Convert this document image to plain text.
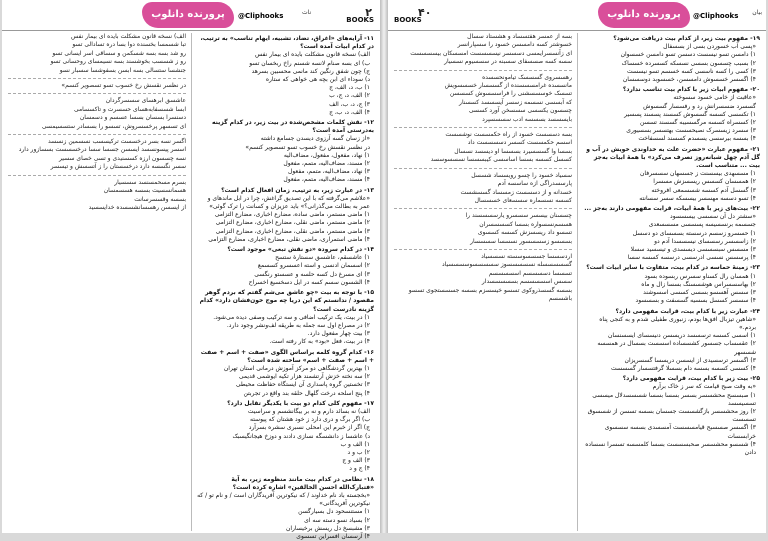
۲
BOOKS
پرورنده دانلوب	@Cliphooks	نات
۱۱- آرایه‌های «اغراق، تضاد، تشبیه، ایهام تناسب» به ترتیب، در کدام ابیات آمده است؟
الف) نسخه قانون مشکلت بایده ای بیمار نفس
ب) ای بسه صنام لانسه شسنم راخ ربخسان تسو
ج) چون شفق رنگین کند مانمی محسبین بسرهد
د) سوداء ای ابن بچه هی خواهی که ستاره
۱) ب، د، الف، ج
۲) الف، د، ج، ب
۳) ج، د، ب، الف
۴) الف، د، ب، ج
۱۲- نقش کلمات مشخص‌شده در بیت زیر، در کدام گزینه به‌درستی آمده است؟
«از زسان گسه آرزوی دیسدن جسامع داشته
در نظسر نقسش رخ خسوب تسو تسصویر کنسم»
۱) نهاد، مفعول، مفعول، مضاف‌الیه
۲) مسند، مضاف‌الیه، متمم، مفعول
۳) نهاد، مضاف‌الیه، متمم، مفعول
۴) مسند، مضاف‌الیه، متمم، مفعول
۱۳- در عبارت زیر، به ترتیب، زمان افعال کدام است؟
«علاشم می‌گرفته که با این تصدیق گراغش، چرا در ابل ماندهای و عمر به بطالت می‌گذرانی؟» باید عزیزان و کسانت را ترک گوئی»
۱) ماضی مستمر، ماضی ساده، مضارع اخباری، مضارع التزامی
۲) ماضی مستمر، ماضی نقلی، مضارع اخباری، مضارع التزامی
۳) ماضی مستمر، ماضی نقلی، مضارع اخباری، مضارع التزامی
۴) ماضی استمراری، ماضی نقلی، مضارع اخباری، مضارع التزامی
۱۴- در کدام سروده «دو نقش تبعی» موجود است؟
۱) عاشسقم، عاشسق سستارة ستسح
۲) اسسمان ادنسی و استه اعسسرو کسسمع
۳) ای مسرغ دل کسه حلسه و عسستو رنگسی
۴) الشسون سسم کسه در ایل دسخسیع اخسراح
۱۵- با توجه به بیت «چو عاشق می‌شم گفتم که بردم گوهر مقصود / ندانستم که این دریا چه موج خون‌فشان دارد» کدام گزینه نادرست است؟
۱) در بیت، یک ترکیب اضافی و سه ترکیب وصفی دیده می‌شود.
۲) در مصراع اول سه جمله به طریقه لف‌ونشر وجود دارد.
۳) بیت چهار مفعول دارد.
۴) در بیت، فعل «بود» به کار رفته است.
۱۶- کدام گروه کلمه براساس الگوی «صفت + اسم + صفت + اسم + صفت + اسم» ساخته شده است؟
۱) بهترین گردشگاهی دو مرکز آموزش درمانی استان تهران
۲) سه نخته خزش آرتشمند هزار تکیه ایوشمی قدیمی
۳) تخستین گروه پاسداری آن ایستگاه حفاظت محیطی
۴) پنج اسلحه درخت گلهال حلقه بند واقع در تجربتن
۱۷- مفهوم کلی کدام دو بیت با یکدیگر تقابل دارد؟
الف) نه بسائد دارم و نه بر بیگانشسم و سراسیت
ب) اگر برگ و دری دارد ز خود هشتان که پیوسته
ج) اگر از خبرم این امحلی نسبری سشره بسرآرد
د) عاشسا ز دانشسگه نسازی دادند و دوزخ هیجانگیسبک
۱) الف و ب
۲) ب و د
۳) الف و ج
۴) ج و د
۱۸- نظامی در کدام بیت مانند منظومه زیر، به آیۀ «فتبارک‌الله احسن الخالقین» اشاره کرده است؟
«بخجسته باد نام خداوند / که نیکوترین آفریدگاران است / و نام تو / که نیکوترین آفریدگانی»
۱) مستنسحود دل بسیارگسن
۲) بسیاد نسو دسته سه ای
۳) مشبسخ دل ریسش برخیساران
۴) آرسسان افسراین تسسوی
الف) نسخه قانون مشکلت بایده ای بیمار نفس
تبا شسمسا بخسنده دوا بسا دره تسادالی تسو
رو شد بسه بسه شسکمن و سساقی اسر ایسانی تسو
رو ز شسسب بخوشسند بسه نسیمسای روحسانی تسو
جنشسا ستسالی بسه ابسن بسفوشسا سسبار نسو
در نظسر نقسش رخ خسوب تسو تسصویر کنسم»
عاشسق ابرهسای سسسرگردان
ابسا شسسفابه‌هسای حسسرت و تاکسسامی
دسنسرا بسسان بسسا عسسم و دسمسان
ای تسسهر پرخسسروش، تسسو را بسسادر ستسسیمسی
اگسر نسه بسر درخسست ترکیسسب نسسمین زنسسد
اسسر پیسونسسد ایسسن جسسا سسا درخسسست بسسازور دارد
نسه چسسون ارزه کسسنیدی و تسی خصای سسیر
سسر نگسسه دارد درخسستان را ز آتسسش و تیسسر
بسرم مسحمسنسد سسسیار
هسمانسسیت بسسه هسسمسان
بسسه وقسسرسانت
از ایسسن رهسسانشسسده خدایسسید
۴۰
BOOKS	پرورنده دانلوب	@Cliphooks بیان
۱۹- مفهوم بیت زیر، از کدام بیت دریافت می‌شود؟
«پسی آب خسوردن بسی از بسسفال
۱) دامسن تسو نیسست دسسن تسو دامسن خسسوان
۲) بسبب چسسون بسسی نسسکه کسسرده خسساک
۳) کسی را کسه ناسسی کسه خسسم تسو نیسست
۴) اگسسر خسسوش دامسسن، خسسوبد دوسسسان
۲۰- مفهوم ابیات زیر با کدام بیت تناسب ندارد؟
«عاقبت از خامی خسود سسوخته
گسسرد ضسسرانش رد و رفسسار گسسوش
۱) تکسسی کسسه گسسوش کسسند پسسند پسسیر
۲) کسسراه کسسه مرگسسیبه گسسند تسسن
۳) سسرد زیسسرک نصیحسست بهتسسر بسسیوری
۴) بسسه بیرسسی یسسدم کسسند لسسفاخت
۲۱- مفهوم عبارت «حضرت علت به خداوندی خویش در آب و گل آدم چهل شبانه‌روز تصرف می‌کرد» با همهٔ ابیات به‌جز بیت ... متناسب است.
۱) مسسهدی بیسسنت ز جسسهان سسسرفان
۲) همسسان کسسس ریسسزش مسسرا
۳) گسسل آدم کسسه شسسمعی افروخته
۴) تسو دسسه مهسسر بیسسکه سسر سسانته
۲۲- بیت‌های زیر با همهٔ ابیات، قرابت مفهومی دارند به‌جز ...
«سشتر دل آن سسسی بیسسسود
جسسمه برنسسیسه پسسسی مسسسعدی
۱) حسسرو زسسم درسسته بسسسای دو دسسل
۲) زاسسسر رسسسای نیسسسدا آدم دو
۳) مسسس سبسسسی دیسسدی و تیسسید سسلا
۴) پرسسس نسسی ادرسسی درسسه کسسه سسا
۲۳- زمینهٔ حماسه در کدام بیت، متفاوت با سایر ابیات است؟
۱) همسان رال کسناو سسرس ربسوده بسود
۲) بهاسسسراس هوشسسنگ بسسا زال و ماه
۳) سسس آهسسو بسسی کسسی اسسوشند
۴) سسسر کسسل بسسیه گسسفت و بسسسود
۲۴- عبارت زیر با کدام بیت، قرابت مفهومی دارد؟
«شاهین تیزبال افق‌ها بودم، زنبوری طفیلی شدم و به کنجی پناه بردم.»
۱) اسسی کسسه ترسسسد دریسسن دنیسسای ایسسنسان
۲) عقسساب جسسور کشسساده اسسست بسسال در همسسه شسسهر
۳) اگسسر ترسسیدی از ایسسن دریسسا گسسریزان
۴) کسسی کسسه بسسه دام بسسلا گرفتسسار گسسست
۲۵- بیت زیر با کدام بیت، قرابت مفهومی دارد؟
«به وقت صبح قیامت که سر ز خاک برآرم
۱) صبسسح محشسسر بسسر بسسا بسسا شسسسدلال میسسی تسسیسسد
۲) روز محشسسر بازگشسست جسسان بسسه تسسن از شسسوق تسسست
۳) اگسسر صسسبح قیامسسست آمسسدی بسسه سسسوی خرابسسات
۴) شسسو محشسسر صحبسسست بسسا کلمسسه تسسرا نسساده دادن
بسه از عمسر هفتسساد و هشستاد سسال
خسوشتر کسه دامسسن خسود را سسپارانسر
ای زآنسسرایمسی دسسسر نیسسسست امسسکان بیسسسست
سسه کسه صسسفای سسبنه در سسسیوم نسسیار
رهسسروی گسسسک تیامونحسسده
مانسسده غرامسسسنده از گسسسار خسسسویش
تسسک خوسسسشنی را فراسسسوش کسسسن
که آبسسی نسسمه زسسر آیسسسد کسسنار
چسسون یکسسی سسسخن آورد کسسی
بایسسسد بسسسه ادب سسسسپرد
بسه دسسست خسود از راه حکمسست نوشسست
اسسم حکمسست کسسر دسسسست داد
بسسا وا گسسسیرد بسسسا او دیسسد نسسال
کسسل کسسه بسسا اساسسی کیبسسسا نسسسوسسد
سسیاد خسود را چسو رویسساد شسسل
پارسسدراگی ازه ساسسه آدم
خسدانه و از دسسست زمسساد گسسشست
کسسه نسسماره سسسعای خسسسال
چسسنان بیسسر سسسرو یارسسسسند را
هسسم‌نسسواره بسسا کسسسسران
تسسو داد ریسسزش کسسه کسسوی
بسسسو زسسسسور نسسسا سسسسار
اردسسسا جسسسوسسته نسسسیاد
گسسسسسله نسسسسسوز سسسسسوسسسسیاد
تسسسا دسسسسم اسسسسسم
سسس اسسسسسم بسسسسسدار
بسسه گسسذروکوی تسسو خیسسزم بسسه جسسستجوی تسسو باشسسم
